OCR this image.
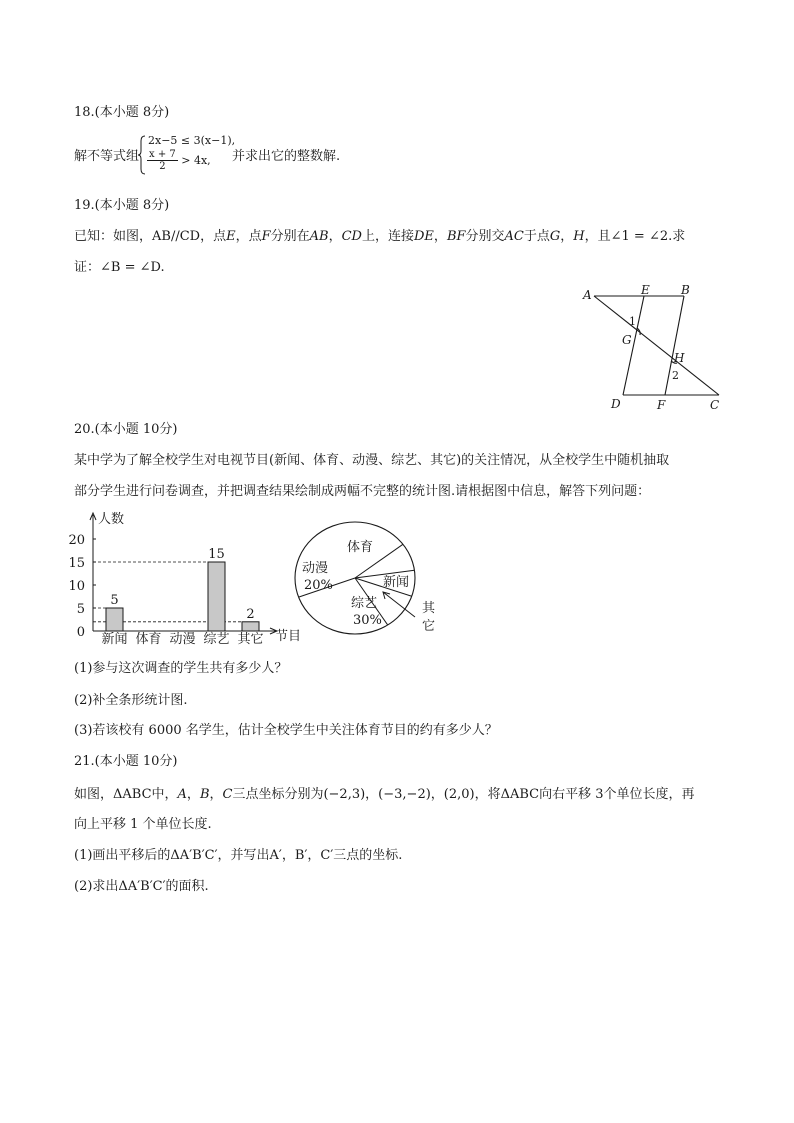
18.(本小题 8分)
解不等式组
2x−5 ≤ 3(x−1),
$\frac{x + 7}{2} > 4x$, 并求出它的整数解.
19.(本小题 8分)
已知：如图，AB//CD，点E，点F分别在AB，CD上，连接DE，BF分别交AC于点G，H，且∠1 = ∠2.求
证：∠B = ∠D.
A	E	B
G
H
D	F	C
1
2
20.(本小题 10分)
某中学为了解全校学生对电视节目(新闻、体育、动漫、综艺、其它)的关注情况，从全校学生中随机抽取
部分学生进行问卷调查，并把调查结果绘制成两幅不完整的统计图.请根据图中信息，解答下列问题：
人数
节目
0
5
10
15
20
5
15
2
新闻 体育 动漫 综艺 其它
体育
新闻
综艺
30%
动漫
20%
其
它
(1)参与这次调查的学生共有多少人？
(2)补全条形统计图.
(3)若该校有 6000 名学生，估计全校学生中关注体育节目的约有多少人？
21.(本小题 10分)
如图，ΔABC中，A，B，C三点坐标分别为(−2,3)，(−3,−2)，(2,0)，将ΔABC向右平移 3个单位长度，再
向上平移 1 个单位长度.
(1)画出平移后的ΔA′B′C′，并写出A′，B′，C′三点的坐标.
(2)求出ΔA′B′C′的面积.
